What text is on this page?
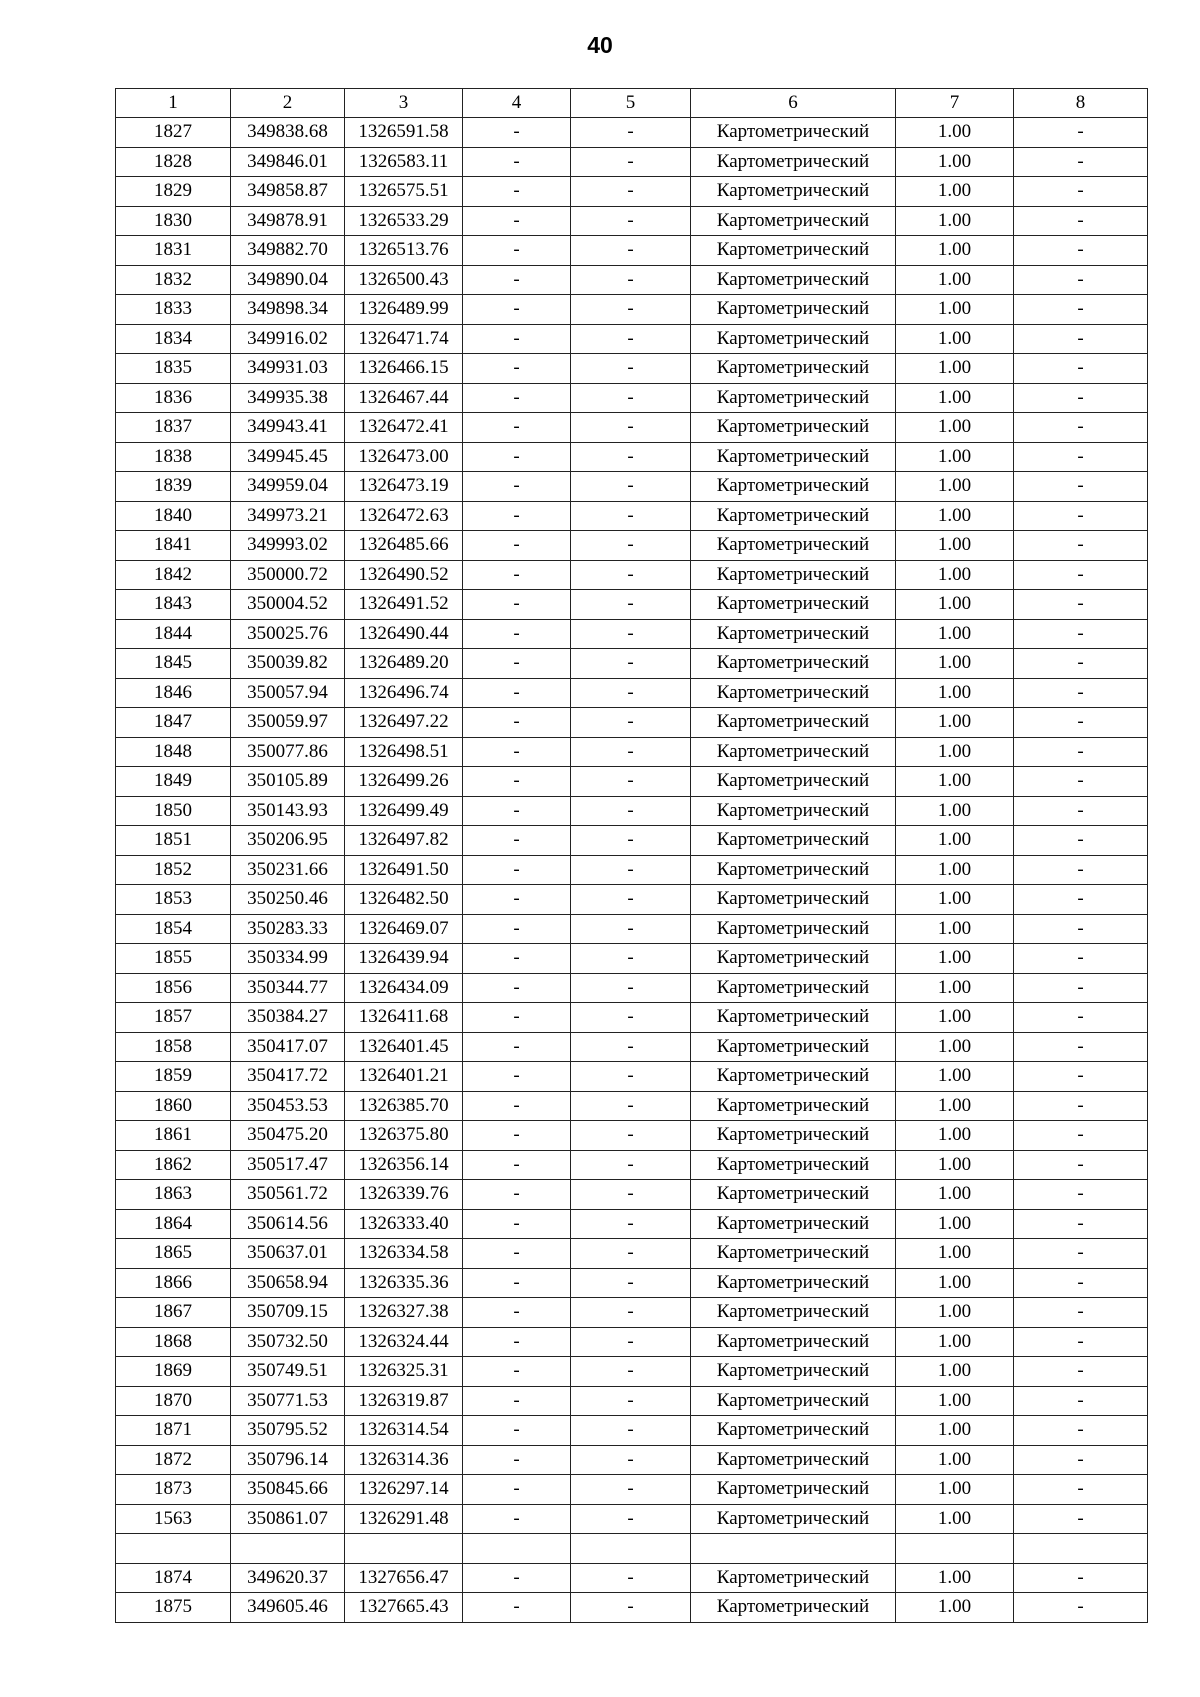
40
1	2	3	4	5	6	7	8
1827	349838.68	1326591.58	-	-	Картометрический	1.00	-
1828	349846.01	1326583.11	-	-	Картометрический	1.00	-
1829	349858.87	1326575.51	-	-	Картометрический	1.00	-
1830	349878.91	1326533.29	-	-	Картометрический	1.00	-
1831	349882.70	1326513.76	-	-	Картометрический	1.00	-
1832	349890.04	1326500.43	-	-	Картометрический	1.00	-
1833	349898.34	1326489.99	-	-	Картометрический	1.00	-
1834	349916.02	1326471.74	-	-	Картометрический	1.00	-
1835	349931.03	1326466.15	-	-	Картометрический	1.00	-
1836	349935.38	1326467.44	-	-	Картометрический	1.00	-
1837	349943.41	1326472.41	-	-	Картометрический	1.00	-
1838	349945.45	1326473.00	-	-	Картометрический	1.00	-
1839	349959.04	1326473.19	-	-	Картометрический	1.00	-
1840	349973.21	1326472.63	-	-	Картометрический	1.00	-
1841	349993.02	1326485.66	-	-	Картометрический	1.00	-
1842	350000.72	1326490.52	-	-	Картометрический	1.00	-
1843	350004.52	1326491.52	-	-	Картометрический	1.00	-
1844	350025.76	1326490.44	-	-	Картометрический	1.00	-
1845	350039.82	1326489.20	-	-	Картометрический	1.00	-
1846	350057.94	1326496.74	-	-	Картометрический	1.00	-
1847	350059.97	1326497.22	-	-	Картометрический	1.00	-
1848	350077.86	1326498.51	-	-	Картометрический	1.00	-
1849	350105.89	1326499.26	-	-	Картометрический	1.00	-
1850	350143.93	1326499.49	-	-	Картометрический	1.00	-
1851	350206.95	1326497.82	-	-	Картометрический	1.00	-
1852	350231.66	1326491.50	-	-	Картометрический	1.00	-
1853	350250.46	1326482.50	-	-	Картометрический	1.00	-
1854	350283.33	1326469.07	-	-	Картометрический	1.00	-
1855	350334.99	1326439.94	-	-	Картометрический	1.00	-
1856	350344.77	1326434.09	-	-	Картометрический	1.00	-
1857	350384.27	1326411.68	-	-	Картометрический	1.00	-
1858	350417.07	1326401.45	-	-	Картометрический	1.00	-
1859	350417.72	1326401.21	-	-	Картометрический	1.00	-
1860	350453.53	1326385.70	-	-	Картометрический	1.00	-
1861	350475.20	1326375.80	-	-	Картометрический	1.00	-
1862	350517.47	1326356.14	-	-	Картометрический	1.00	-
1863	350561.72	1326339.76	-	-	Картометрический	1.00	-
1864	350614.56	1326333.40	-	-	Картометрический	1.00	-
1865	350637.01	1326334.58	-	-	Картометрический	1.00	-
1866	350658.94	1326335.36	-	-	Картометрический	1.00	-
1867	350709.15	1326327.38	-	-	Картометрический	1.00	-
1868	350732.50	1326324.44	-	-	Картометрический	1.00	-
1869	350749.51	1326325.31	-	-	Картометрический	1.00	-
1870	350771.53	1326319.87	-	-	Картометрический	1.00	-
1871	350795.52	1326314.54	-	-	Картометрический	1.00	-
1872	350796.14	1326314.36	-	-	Картометрический	1.00	-
1873	350845.66	1326297.14	-	-	Картометрический	1.00	-
1563	350861.07	1326291.48	-	-	Картометрический	1.00	-

1874	349620.37	1327656.47	-	-	Картометрический	1.00	-
1875	349605.46	1327665.43	-	-	Картометрический	1.00	-
